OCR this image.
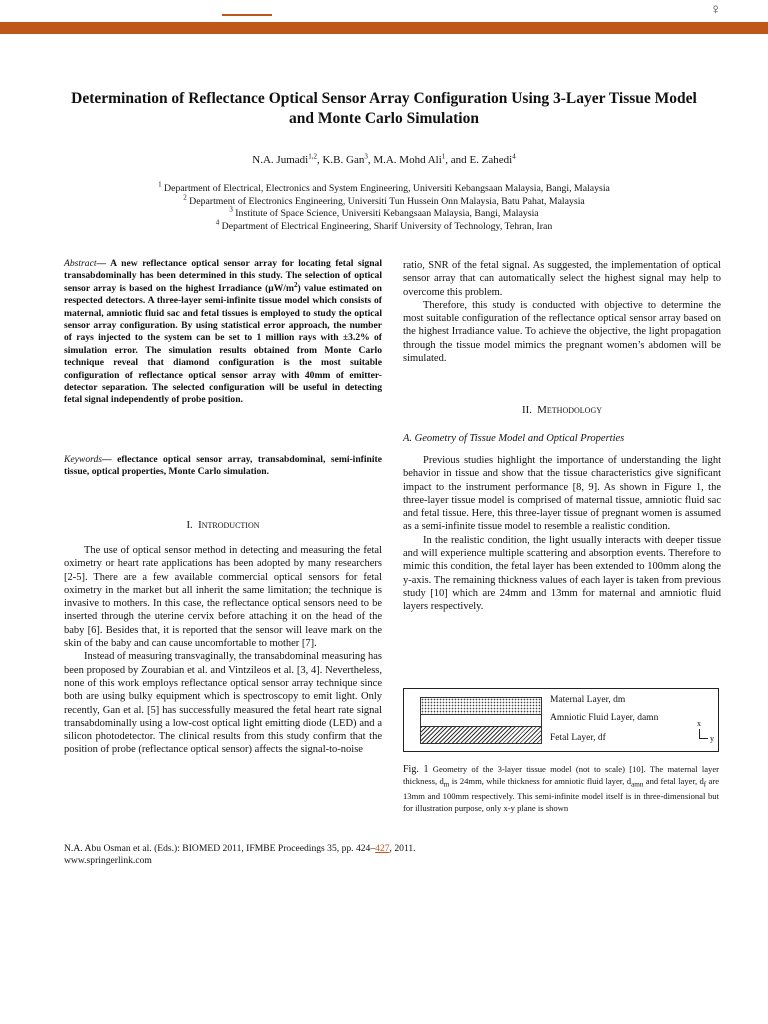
♀
Determination of Reflectance Optical Sensor Array Configuration Using 3-Layer Tissue Model and Monte Carlo Simulation
N.A. Jumadi$^{1,2}$, K.B. Gan$^3$, M.A. Mohd Ali$^1$, and E. Zahedi$^4$
$^1$ Department of Electrical, Electronics and System Engineering, Universiti Kebangsaan Malaysia, Bangi, Malaysia
$^2$ Department of Electronics Engineering, Universiti Tun Hussein Onn Malaysia, Batu Pahat, Malaysia
$^3$ Institute of Space Science, Universiti Kebangsaan Malaysia, Bangi, Malaysia
$^4$ Department of Electrical Engineering, Sharif University of Technology, Tehran, Iran
Abstract— A new reflectance optical sensor array for locating fetal signal transabdominally has been determined in this study. The selection of optical sensor array is based on the highest Irradiance $(\mu W/m^2)$ value estimated on respected detectors. A three-layer semi-infinite tissue model which consists of maternal, amniotic fluid sac and fetal tissues is employed to study the optical sensor array configuration. By using statistical error approach, the number of rays injected to the system can be set to 1 million rays with ±3.2% of simulation error. The simulation results obtained from Monte Carlo technique reveal that diamond configuration is the most suitable configuration of reflectance optical sensor array with 40mm of emitter-detector separation. The selected configuration will be useful in detecting fetal signal independently of probe position.
Keywords— eflectance optical sensor array, transabdominal, semi-infinite tissue, optical properties, Monte Carlo simulation.
I. Introduction

The use of optical sensor method in detecting and measuring the fetal oximetry or heart rate applications has been adopted by many researchers [2-5]. There are a few available commercial optical sensors for fetal oximetry in the market but all inherit the same limitation; the technique is invasive to mothers. In this case, the reflectance optical sensors need to be inserted through the uterine cervix before attaching it on the head of the baby [6]. Besides that, it is reported that the sensor will leave mark on the skin of the baby and can cause uncomfortable to mother [7].

Instead of measuring transvaginally, the transabdominal measuring has been proposed by Zourabian et al. and Vintzileos et al. [3, 4]. Nevertheless, none of this work employs reflectance optical sensor array technique since both are using bulky equipment which is spectroscopy to emit light. Only recently, Gan et al. [5] has successfully measured the fetal heart rate signal transabdominally using a low-cost optical light emitting diode (LED) and a silicon photodetector. The clinical results from this study confirm that the position of probe (reflectance optical sensor) affects the signal-to-noise

ratio, SNR of the fetal signal. As suggested, the implementation of optical sensor array that can automatically select the highest signal may help to overcome this problem.

Therefore, this study is conducted with objective to determine the most suitable configuration of the reflectance optical sensor array based on the highest Irradiance value. To achieve the objective, the light propagation through the tissue model mimics the pregnant women’s abdomen will be simulated.

II. Methodology
A. Geometry of Tissue Model and Optical Properties

Previous studies highlight the importance of understanding the light behavior in tissue and show that the tissue characteristics give significant impact to the instrument performance [8, 9]. As shown in Figure 1, the three-layer tissue model is comprised of maternal tissue, amniotic fluid sac and fetal tissue. Here, this three-layer tissue of pregnant women is assumed as a semi-infinite tissue model to resemble a realistic condition.

In the realistic condition, the light usually interacts with deeper tissue and will experience multiple scattering and absorption events. Therefore to mimic this condition, the fetal layer has been extended to 100mm along the y-axis. The remaining thickness values of each layer is taken from previous study [10] which are 24mm and 13mm for maternal and amniotic fluid layers respectively.

Maternal Layer, dm
Amniotic Fluid Layer, damn
Fetal Layer, df
x
y
Fig. 1 Geometry of the 3-layer tissue model (not to scale) [10]. The maternal layer thickness, $d_m$ is 24mm, while thickness for amniotic fluid layer, $d_{amn}$ and fetal layer, $d_f$ are 13mm and 100mm respectively. This semi-infinite model itself is in three-dimensional but for illustration purpose, only x-y plane is shown
N.A. Abu Osman et al. (Eds.): BIOMED 2011, IFMBE Proceedings 35, pp. 424–427, 2011.
www.springerlink.com
